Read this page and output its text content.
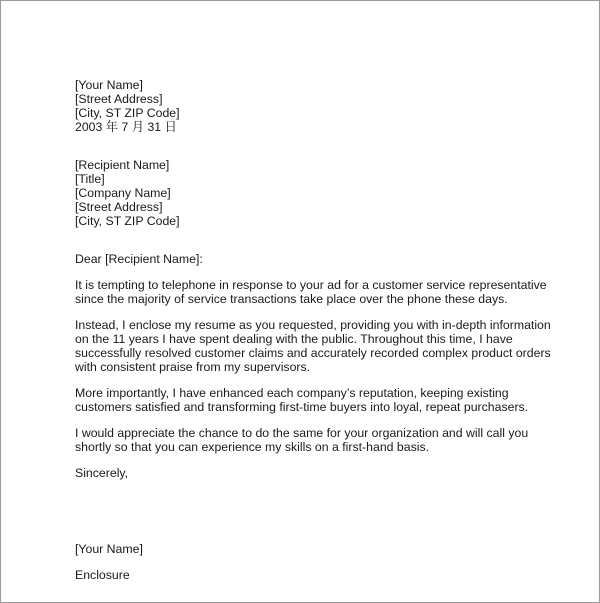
[Your Name]
[Street Address]
[City, ST ZIP Code]
2003 年 7 月 31 日
[Recipient Name]
[Title]
[Company Name]
[Street Address]
[City, ST ZIP Code]
Dear [Recipient Name]:
It is tempting to telephone in response to your ad for a customer service representative
since the majority of service transactions take place over the phone these days.
Instead, I enclose my resume as you requested, providing you with in-depth information
on the 11 years I have spent dealing with the public. Throughout this time, I have
successfully resolved customer claims and accurately recorded complex product orders
with consistent praise from my supervisors.
More importantly, I have enhanced each company’s reputation, keeping existing
customers satisfied and transforming first-time buyers into loyal, repeat purchasers.
I would appreciate the chance to do the same for your organization and will call you
shortly so that you can experience my skills on a first-hand basis.
Sincerely,
[Your Name]
Enclosure
